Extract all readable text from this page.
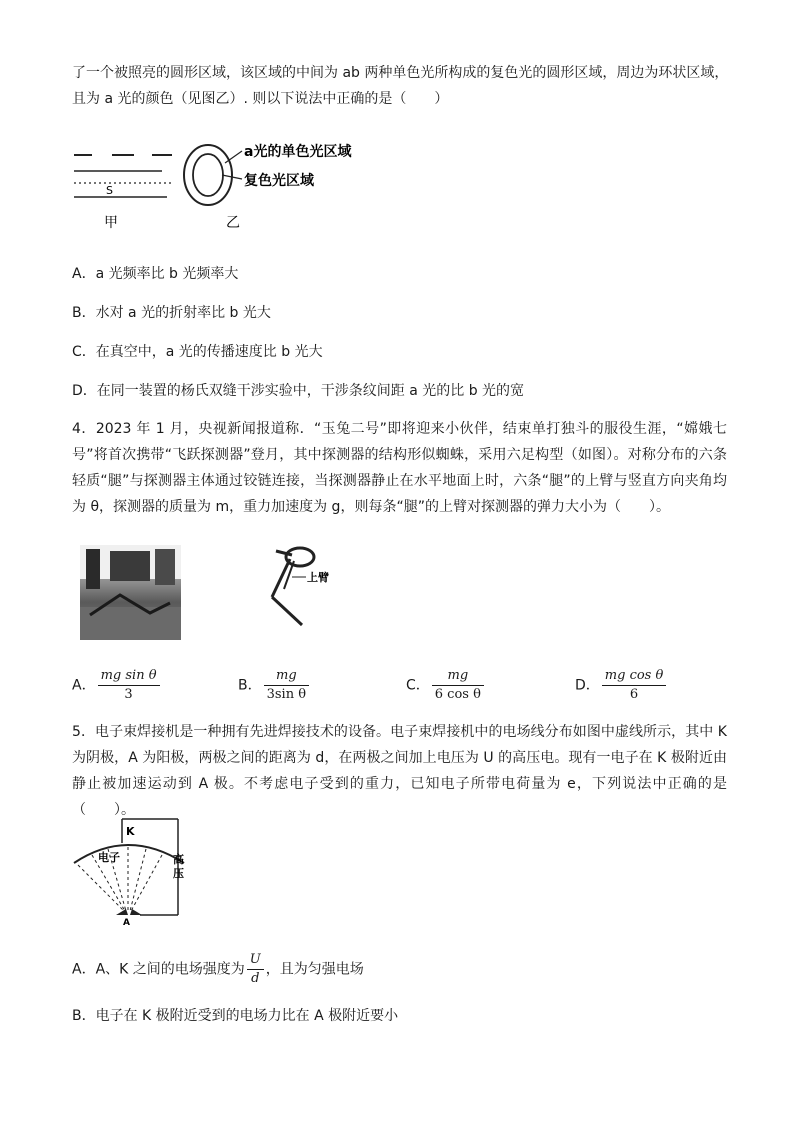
了一个被照亮的圆形区域，该区域的中间为 ab 两种单色光所构成的复色光的圆形区域，周边为环状区域，
且为 a 光的颜色（见图乙）. 则以下说法中正确的是（　　）
S
甲
a光的单色光区域
复色光区域
乙
A．a 光频率比 b 光频率大
B．水对 a 光的折射率比 b 光大
C．在真空中，a 光的传播速度比 b 光大
D．在同一装置的杨氏双缝干涉实验中，干涉条纹间距 a 光的比 b 光的宽
4．2023 年 1 月，央视新闻报道称．“玉兔二号”即将迎来小伙伴，结束单打独斗的服役生涯，“嫦娥七号”将首次携带“飞跃探测器”登月，其中探测器的结构形似蜘蛛，采用六足构型（如图）。对称分布的六条轻质“腿”与探测器主体通过铰链连接，当探测器静止在水平地面上时，六条“腿”的上臂与竖直方向夹角均为 θ，探测器的质量为 m，重力加速度为 g，则每条“腿”的上臂对探测器的弹力大小为（　　）。
上臂
A． $\frac{\text{mg sin θ}}{3}$	B． $\frac{mg}{\text{3sin θ}}$	C． $\frac{mg}{\text{6 cos θ}}$	D． $\frac{\text{mg cos θ}}{6}$
5．电子束焊接机是一种拥有先进焊接技术的设备。电子束焊接机中的电场线分布如图中虚线所示，其中 K 为阴极，A 为阳极，两极之间的距离为 d，在两极之间加上电压为 U 的高压电。现有一电子在 K 极附近由静止被加速运动到 A 极。不考虑电子受到的重力，已知电子所带电荷量为 e，下列说法中正确的是（　　）。
K
电子	高
压
A
A．A、K 之间的电场强度为 $\frac{U}{d}$ ，且为匀强电场
B．电子在 K 极附近受到的电场力比在 A 极附近要小
